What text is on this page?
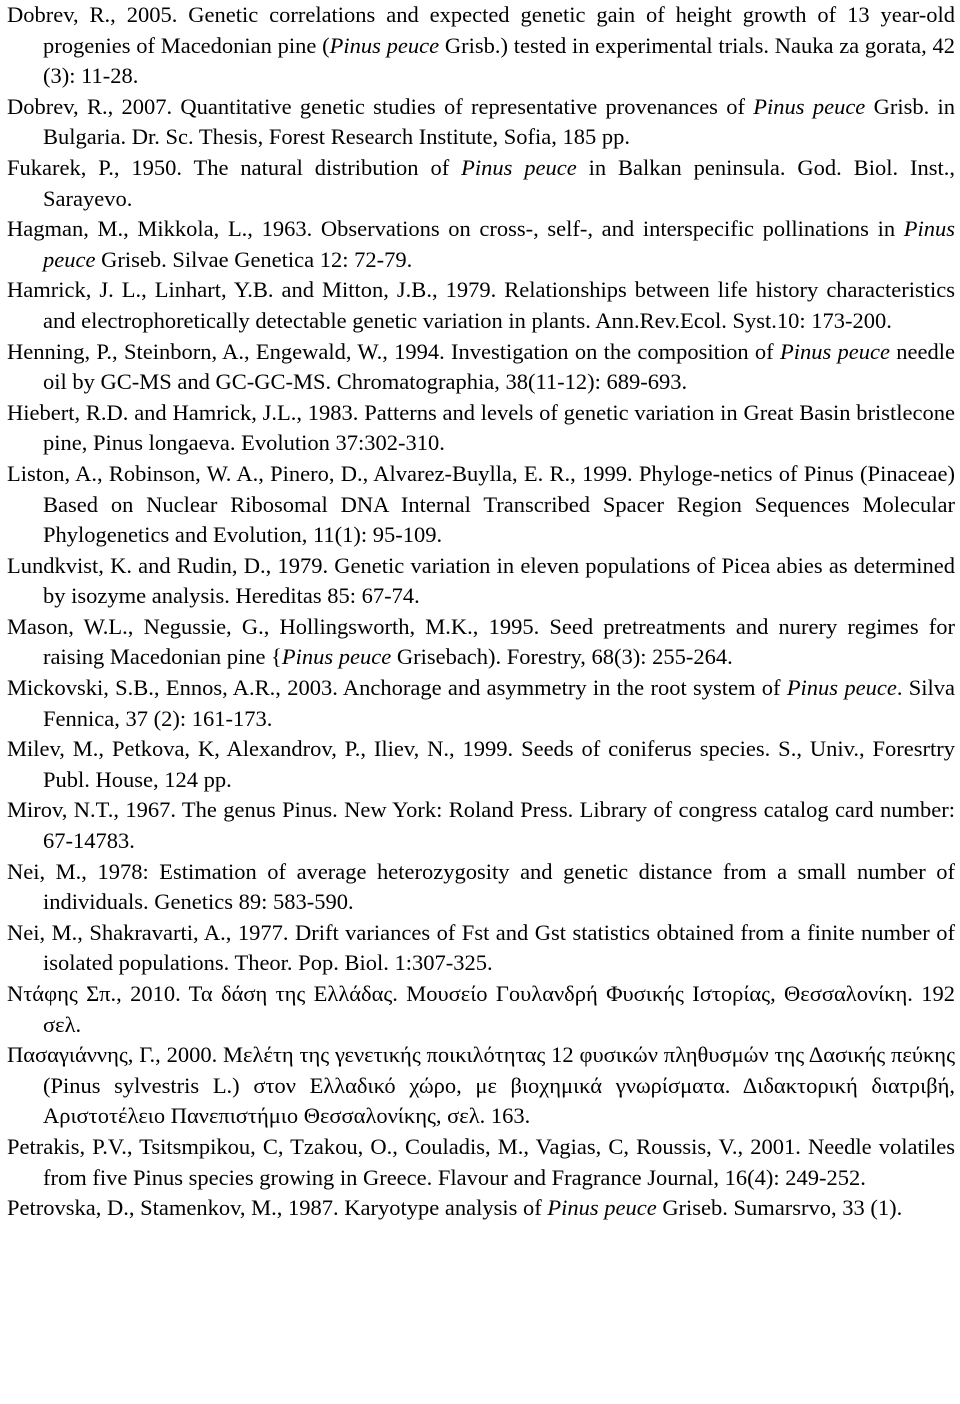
Dobrev, R., 2005. Genetic correlations and expected genetic gain of height growth of 13 year-old progenies of Macedonian pine (Pinus peuce Grisb.) tested in experimental trials. Nauka za gorata, 42 (3): 11-28.

Dobrev, R., 2007. Quantitative genetic studies of representative provenances of Pinus peuce Grisb. in Bulgaria. Dr. Sc. Thesis, Forest Research Institute, Sofia, 185 pp.

Fukarek, P., 1950. The natural distribution of Pinus peuce in Balkan peninsula. God. Biol. Inst., Sarayevo.

Hagman, M., Mikkola, L., 1963. Observations on cross-, self-, and interspecific pollinations in Pinus peuce Griseb. Silvae Genetica 12: 72-79.

Hamrick, J. L., Linhart, Y.B. and Mitton, J.B., 1979. Relationships between life history characteristics and electrophoretically detectable genetic variation in plants. Ann.Rev.Ecol. Syst.10: 173-200.

Henning, P., Steinborn, A., Engewald, W., 1994. Investigation on the composition of Pinus peuce needle oil by GC-MS and GC-GC-MS. Chromatographia, 38(11-12): 689-693.

Hiebert, R.D. and Hamrick, J.L., 1983. Patterns and levels of genetic variation in Great Basin bristlecone pine, Pinus longaeva. Evolution 37:302-310.

Liston, A., Robinson, W. A., Pinero, D., Alvarez-Buylla, E. R., 1999. Phyloge-netics of Pinus (Pinaceae) Based on Nuclear Ribosomal DNA Internal Transcribed Spacer Region Sequences Molecular Phylogenetics and Evolution, 11(1): 95-109.

Lundkvist, K. and Rudin, D., 1979. Genetic variation in eleven populations of Picea abies as determined by isozyme analysis. Hereditas 85: 67-74.

Mason, W.L., Negussie, G., Hollingsworth, M.K., 1995. Seed pretreatments and nurery regimes for raising Macedonian pine {Pinus peuce Grisebach). Forestry, 68(3): 255-264.

Mickovski, S.B., Ennos, A.R., 2003. Anchorage and asymmetry in the root system of Pinus peuce. Silva Fennica, 37 (2): 161-173.

Milev, M., Petkova, K, Alexandrov, P., Iliev, N., 1999. Seeds of coniferus species. S., Univ., Foresrtry Publ. House, 124 pp.

Mirov, N.T., 1967. The genus Pinus. New York: Roland Press. Library of congress catalog card number: 67-14783.

Nei, M., 1978: Estimation of average heterozygosity and genetic distance from a small number of individuals. Genetics 89: 583-590.

Nei, M., Shakravarti, A., 1977. Drift variances of Fst and Gst statistics obtained from a finite number of isolated populations. Theor. Pop. Biol. 1:307-325.

Ντάφης Σπ., 2010. Τα δάση της Ελλάδας. Μουσείο Γουλανδρή Φυσικής Ιστορίας, Θεσσαλονίκη. 192 σελ.

Πασαγιάννης, Γ., 2000. Μελέτη της γενετικής ποικιλότητας 12 φυσικών πληθυσμών της Δασικής πεύκης (Pinus sylvestris L.) στον Ελλαδικό χώρο, με βιοχημικά γνωρίσματα. Διδακτορική διατριβή, Αριστοτέλειο Πανεπιστήμιο Θεσσαλονίκης, σελ. 163.

Petrakis, P.V., Tsitsmpikou, C, Tzakou, O., Couladis, M., Vagias, C, Roussis, V., 2001. Needle volatiles from five Pinus species growing in Greece. Flavour and Fragrance Journal, 16(4): 249-252.

Petrovska, D., Stamenkov, M., 1987. Karyotype analysis of Pinus peuce Griseb. Sumarsrvo, 33 (1).
